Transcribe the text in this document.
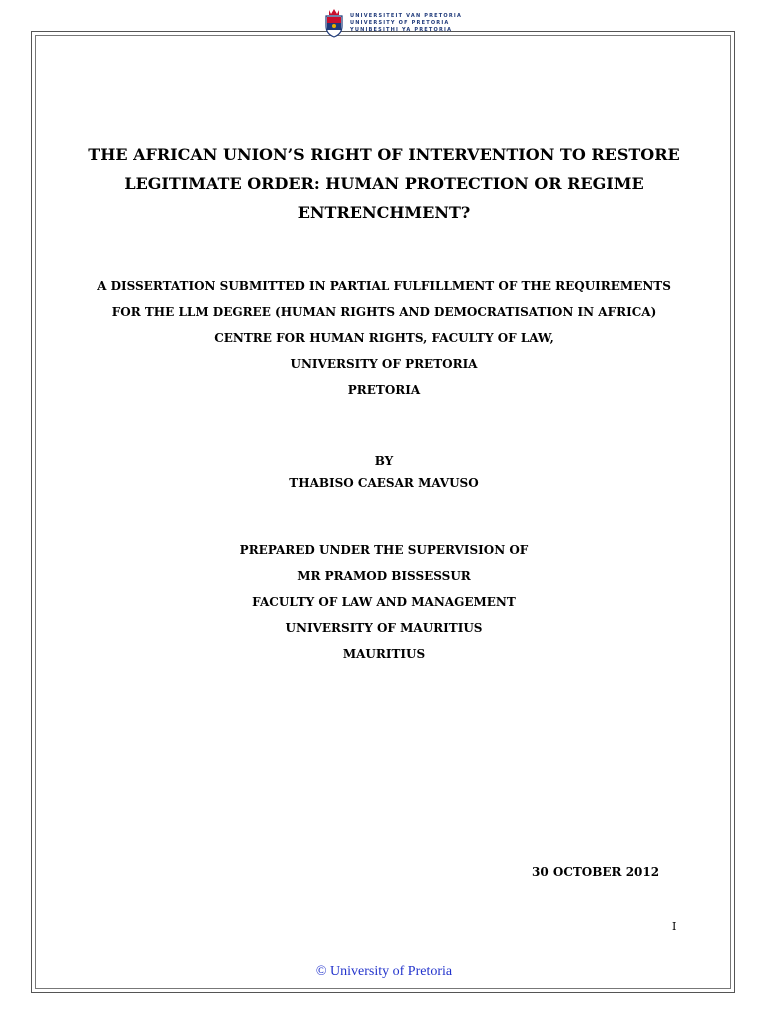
UNIVERSITEIT VAN PRETORIA
UNIVERSITY OF PRETORIA
YUNIBESITHI YA PRETORIA
THE AFRICAN UNION’S RIGHT OF INTERVENTION TO RESTORE
LEGITIMATE ORDER: HUMAN PROTECTION OR REGIME
ENTRENCHMENT?
A DISSERTATION SUBMITTED IN PARTIAL FULFILLMENT OF THE REQUIREMENTS
FOR THE LLM DEGREE (HUMAN RIGHTS AND DEMOCRATISATION IN AFRICA)
CENTRE FOR HUMAN RIGHTS, FACULTY OF LAW,
UNIVERSITY OF PRETORIA
PRETORIA
BY
THABISO CAESAR MAVUSO
PREPARED UNDER THE SUPERVISION OF
MR PRAMOD BISSESSUR
FACULTY OF LAW AND MANAGEMENT
UNIVERSITY OF MAURITIUS
MAURITIUS
30 OCTOBER 2012
I
© University of Pretoria
